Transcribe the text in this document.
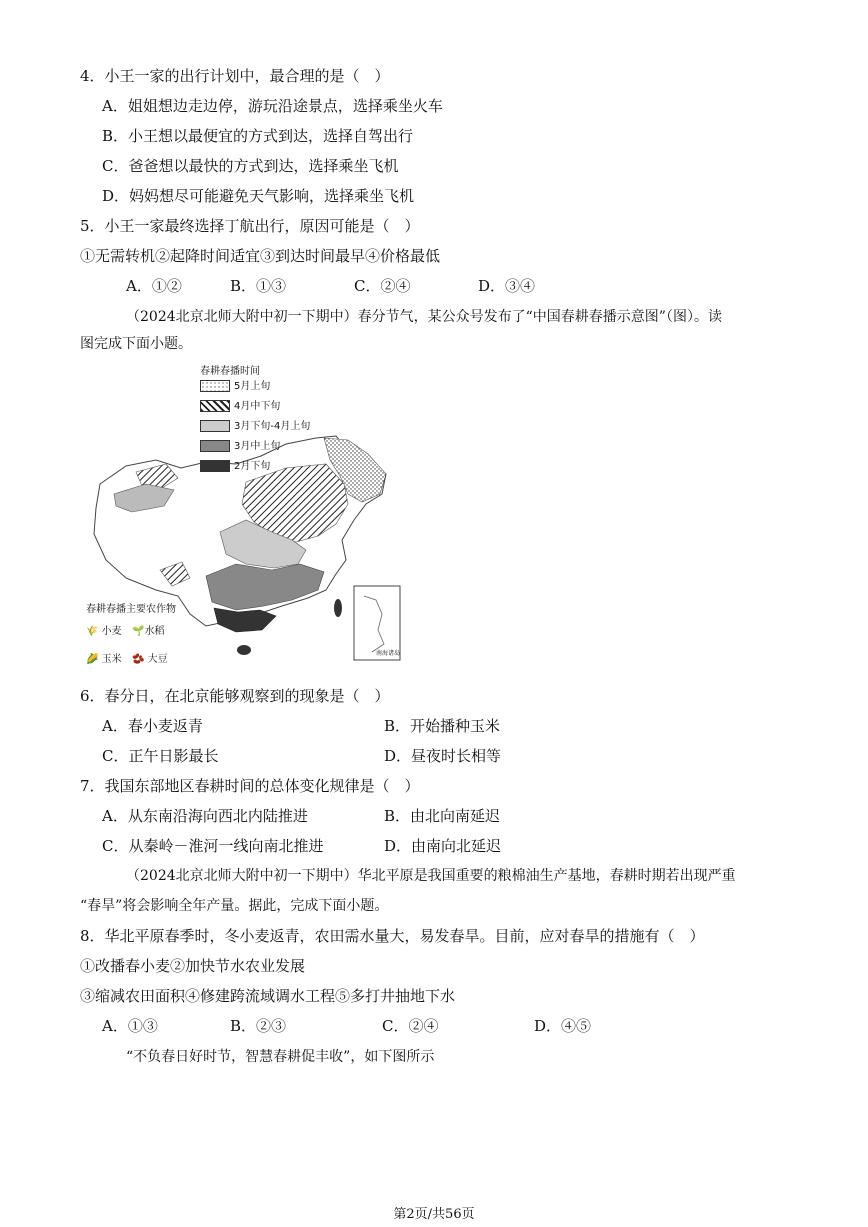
4．小王一家的出行计划中，最合理的是（　）
A．姐姐想边走边停，游玩沿途景点，选择乘坐火车
B．小王想以最便宜的方式到达，选择自驾出行
C．爸爸想以最快的方式到达，选择乘坐飞机
D．妈妈想尽可能避免天气影响，选择乘坐飞机
5．小王一家最终选择丁航出行，原因可能是（　）
①无需转机②起降时间适宜③到达时间最早④价格最低
A．①②	B．①③	C．②④	D．③④
（2024北京北师大附中初一下期中）春分节气，某公众号发布了“中国春耕春播示意图”（图）。读
图完成下面小题。
春耕春播时间
5月上旬
4月中下旬
3月下旬-4月上旬
3月中上旬
2月下旬
春耕春播主要农作物
🌾 小麦 🌱水稻
🌽 玉米 🫘 大豆
南海诸岛
6．春分日，在北京能够观察到的现象是（　）
A．春小麦返青	B．开始播种玉米
C．正午日影最长	D．昼夜时长相等
7．我国东部地区春耕时间的总体变化规律是（　）
A．从东南沿海向西北内陆推进	B．由北向南延迟
C．从秦岭－淮河一线向南北推进	D．由南向北延迟
（2024北京北师大附中初一下期中）华北平原是我国重要的粮棉油生产基地，春耕时期若出现严重
“春旱”将会影响全年产量。据此，完成下面小题。
8．华北平原春季时，冬小麦返青，农田需水量大，易发春旱。目前，应对春旱的措施有（　）
①改播春小麦②加快节水农业发展
③缩减农田面积④修建跨流域调水工程⑤多打井抽地下水
A．①③	B．②③	C．②④	D．④⑤
“不负春日好时节，智慧春耕促丰收”，如下图所示
第2页/共56页
